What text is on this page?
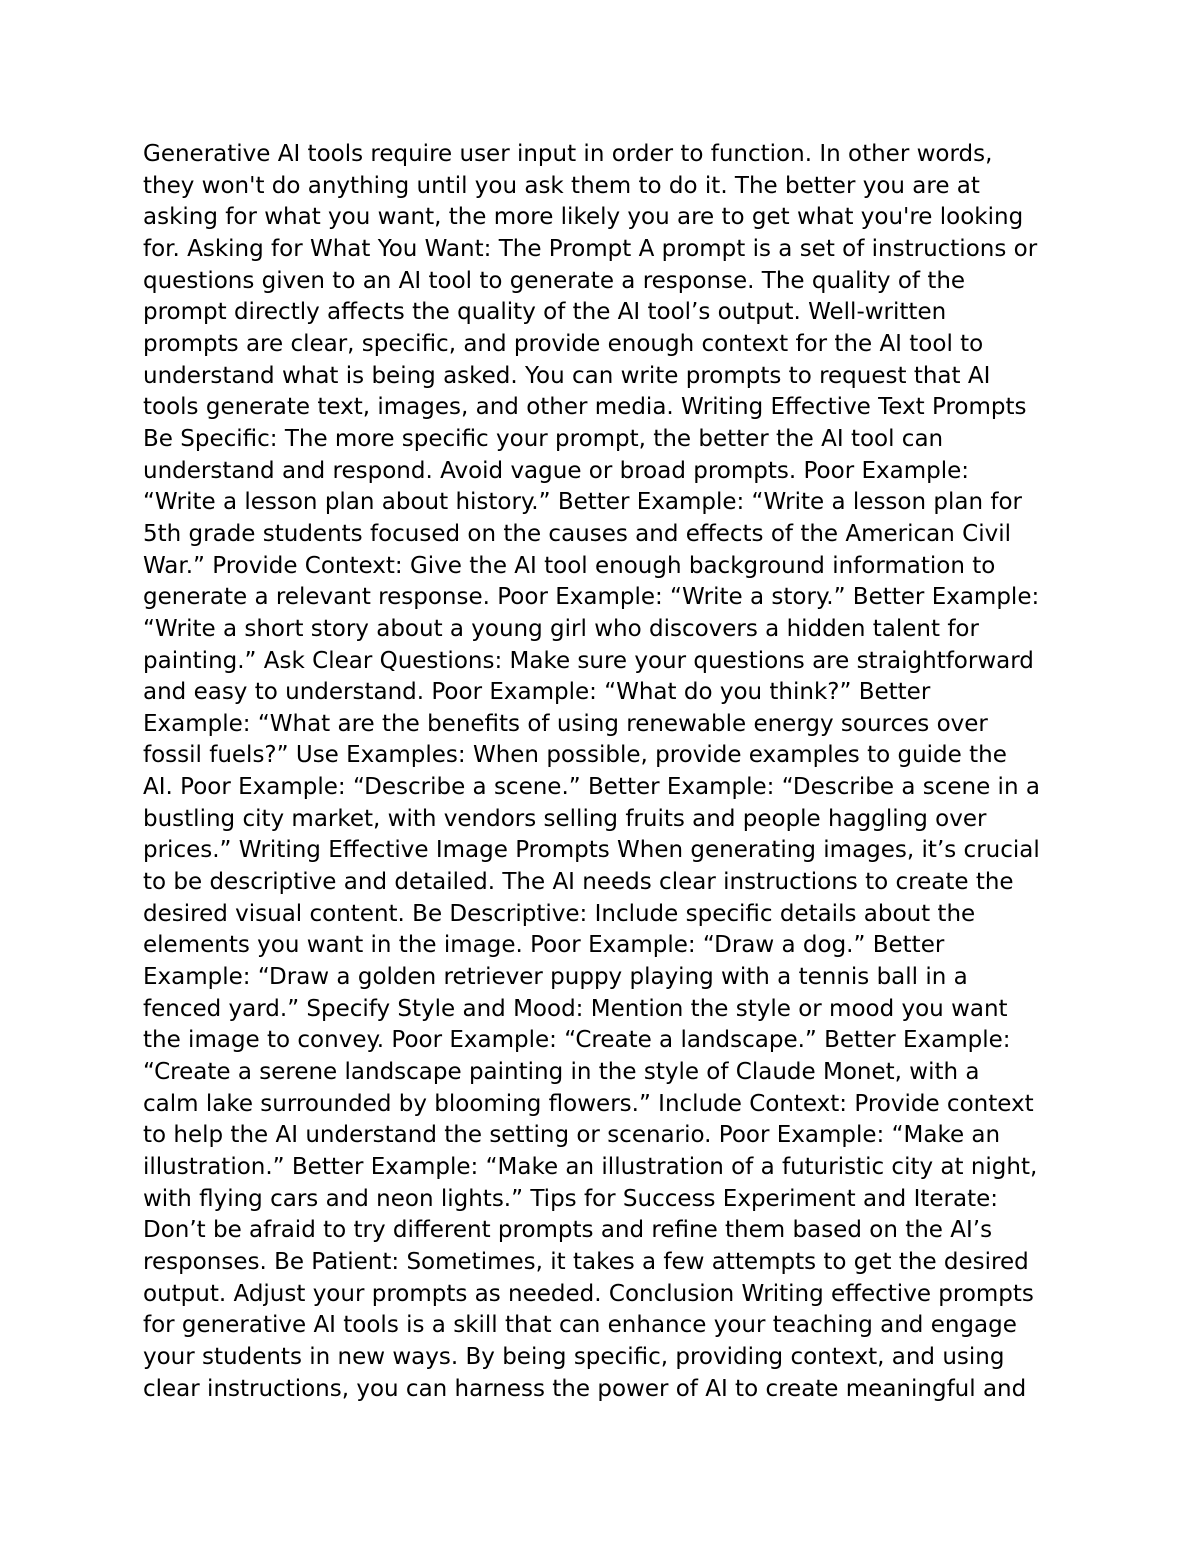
Generative AI tools require user input in order to function. In other words,
they won't do anything until you ask them to do it. The better you are at
asking for what you want, the more likely you are to get what you're looking
for. Asking for What You Want: The Prompt A prompt is a set of instructions or
questions given to an AI tool to generate a response. The quality of the
prompt directly affects the quality of the AI tool’s output. Well-written
prompts are clear, specific, and provide enough context for the AI tool to
understand what is being asked. You can write prompts to request that AI
tools generate text, images, and other media. Writing Effective Text Prompts
Be Specific: The more specific your prompt, the better the AI tool can
understand and respond. Avoid vague or broad prompts. Poor Example:
“Write a lesson plan about history.” Better Example: “Write a lesson plan for
5th grade students focused on the causes and effects of the American Civil
War.” Provide Context: Give the AI tool enough background information to
generate a relevant response. Poor Example: “Write a story.” Better Example:
“Write a short story about a young girl who discovers a hidden talent for
painting.” Ask Clear Questions: Make sure your questions are straightforward
and easy to understand. Poor Example: “What do you think?” Better
Example: “What are the benefits of using renewable energy sources over
fossil fuels?” Use Examples: When possible, provide examples to guide the
AI. Poor Example: “Describe a scene.” Better Example: “Describe a scene in a
bustling city market, with vendors selling fruits and people haggling over
prices.” Writing Effective Image Prompts When generating images, it’s crucial
to be descriptive and detailed. The AI needs clear instructions to create the
desired visual content. Be Descriptive: Include specific details about the
elements you want in the image. Poor Example: “Draw a dog.” Better
Example: “Draw a golden retriever puppy playing with a tennis ball in a
fenced yard.” Specify Style and Mood: Mention the style or mood you want
the image to convey. Poor Example: “Create a landscape.” Better Example:
“Create a serene landscape painting in the style of Claude Monet, with a
calm lake surrounded by blooming flowers.” Include Context: Provide context
to help the AI understand the setting or scenario. Poor Example: “Make an
illustration.” Better Example: “Make an illustration of a futuristic city at night,
with flying cars and neon lights.” Tips for Success Experiment and Iterate:
Don’t be afraid to try different prompts and refine them based on the AI’s
responses. Be Patient: Sometimes, it takes a few attempts to get the desired
output. Adjust your prompts as needed. Conclusion Writing effective prompts
for generative AI tools is a skill that can enhance your teaching and engage
your students in new ways. By being specific, providing context, and using
clear instructions, you can harness the power of AI to create meaningful and
